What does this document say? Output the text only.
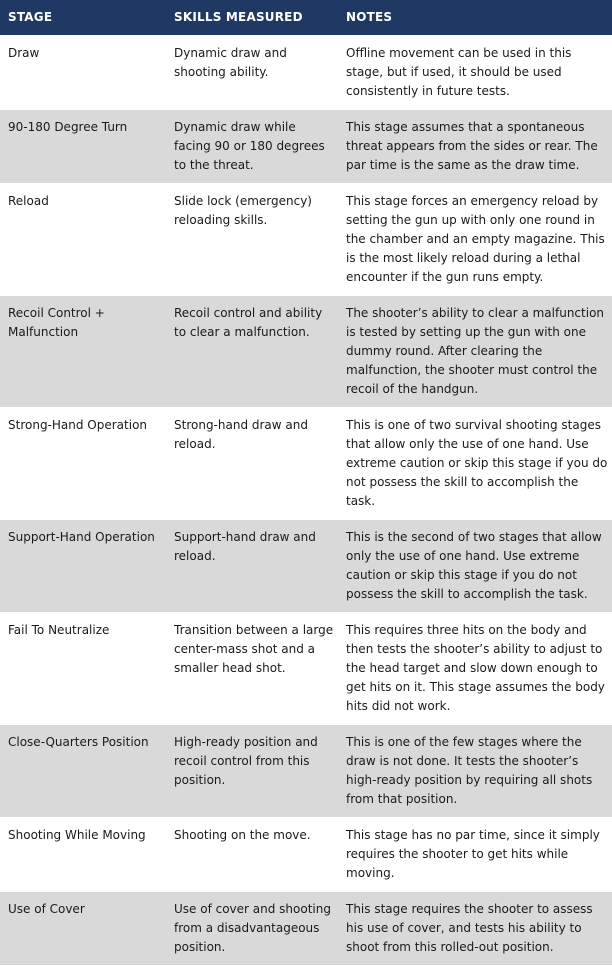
STAGE	SKILLS MEASURED	NOTES
Draw	Dynamic draw and shooting ability.	Offline movement can be used in this stage, but if used, it should be used consistently in future tests.
90-180 Degree Turn	Dynamic draw while facing 90 or 180 degrees to the threat.	This stage assumes that a spontaneous threat appears from the sides or rear. The par time is the same as the draw time.
Reload	Slide lock (emergency) reloading skills.	This stage forces an emergency reload by setting the gun up with only one round in the chamber and an empty magazine. This is the most likely reload during a lethal encounter if the gun runs empty.
Recoil Control + Malfunction	Recoil control and ability to clear a malfunction.	The shooter’s ability to clear a malfunction is tested by setting up the gun with one dummy round. After clearing the malfunction, the shooter must control the recoil of the handgun.
Strong-Hand Operation	Strong-hand draw and reload.	This is one of two survival shooting stages that allow only the use of one hand. Use extreme caution or skip this stage if you do not possess the skill to accomplish the task.
Support-Hand Operation	Support-hand draw and reload.	This is the second of two stages that allow only the use of one hand. Use extreme caution or skip this stage if you do not possess the skill to accomplish the task.
Fail To Neutralize	Transition between a large center-mass shot and a smaller head shot.	This requires three hits on the body and then tests the shooter’s ability to adjust to the head target and slow down enough to get hits on it. This stage assumes the body hits did not work.
Close-Quarters Position	High-ready position and recoil control from this position.	This is one of the few stages where the draw is not done. It tests the shooter’s high-ready position by requiring all shots from that position.
Shooting While Moving	Shooting on the move.	This stage has no par time, since it simply requires the shooter to get hits while moving.
Use of Cover	Use of cover and shooting from a disadvantageous position.	This stage requires the shooter to assess his use of cover, and tests his ability to shoot from this rolled-out position.
